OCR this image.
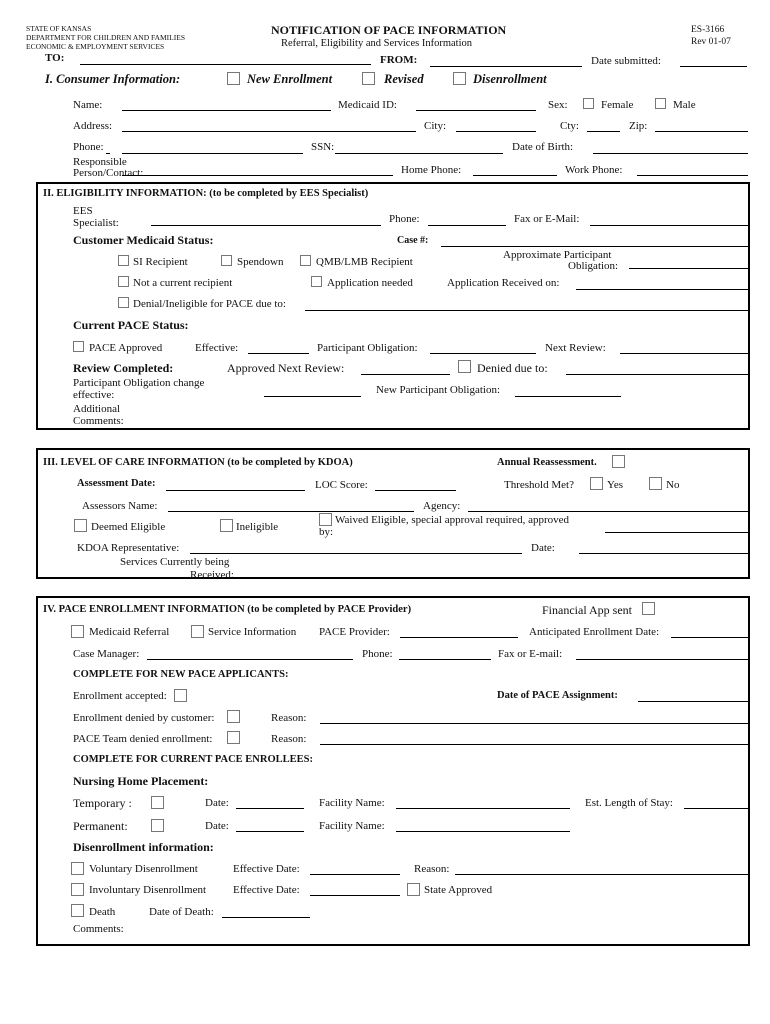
STATE OF KANSAS
DEPARTMENT FOR CHILDREN AND FAMILIES
ECONOMIC & EMPLOYMENT SERVICES
NOTIFICATION OF PACE INFORMATION
Referral, Eligibility and Services Information
ES-3166
Rev 01-07
TO:	FROM:	Date submitted:
I. Consumer Information:	New Enrollment	Revised	Disenrollment
Name:	Medicaid ID:	Sex:	Female	Male
Address:	City:	Cty:	Zip:
Phone:	SSN:	Date of Birth:
Responsible
Person/Contact:	Home Phone:	Work Phone:
II. ELIGIBILITY INFORMATION: (to be completed by EES Specialist)
EES
Specialist:	Phone:	Fax or E-Mail:
Customer Medicaid Status:	Case #:
SI Recipient	Spendown	QMB/LMB Recipient
Approximate Participant
Obligation:
Not a current recipient	Application needed	Application Received on:
Denial/Ineligible for PACE due to:
Current PACE Status:
PACE Approved	Effective:	Participant Obligation:	Next Review:
Review Completed:	Approved Next Review:	Denied due to:
Participant Obligation change
effective:	New Participant Obligation:
Additional
Comments:
III. LEVEL OF CARE INFORMATION (to be completed by KDOA)	Annual Reassessment.
Assessment Date:	LOC Score:	Threshold Met?	Yes	No
Assessors Name:	Agency:
Deemed Eligible	Ineligible
Waived Eligible, special approval required, approved
by:
KDOA Representative:	Date:
Services Currently being
Received:
IV. PACE ENROLLMENT INFORMATION (to be completed by PACE Provider)	Financial App sent
Medicaid Referral	Service Information PACE Provider:	Anticipated Enrollment Date:
Case Manager:	Phone:	Fax or E-mail:
COMPLETE FOR NEW PACE APPLICANTS:
Enrollment accepted:	Date of PACE Assignment:
Enrollment denied by customer:	Reason:
PACE Team denied enrollment:	Reason:
COMPLETE FOR CURRENT PACE ENROLLEES:
Nursing Home Placement:
Temporary :	Date:	Facility Name:	Est. Length of Stay:
Permanent:	Date:	Facility Name:
Disenrollment information:
Voluntary Disenrollment	Effective Date:	Reason:
Involuntary Disenrollment Effective Date:	State Approved
Death	Date of Death:
Comments:
